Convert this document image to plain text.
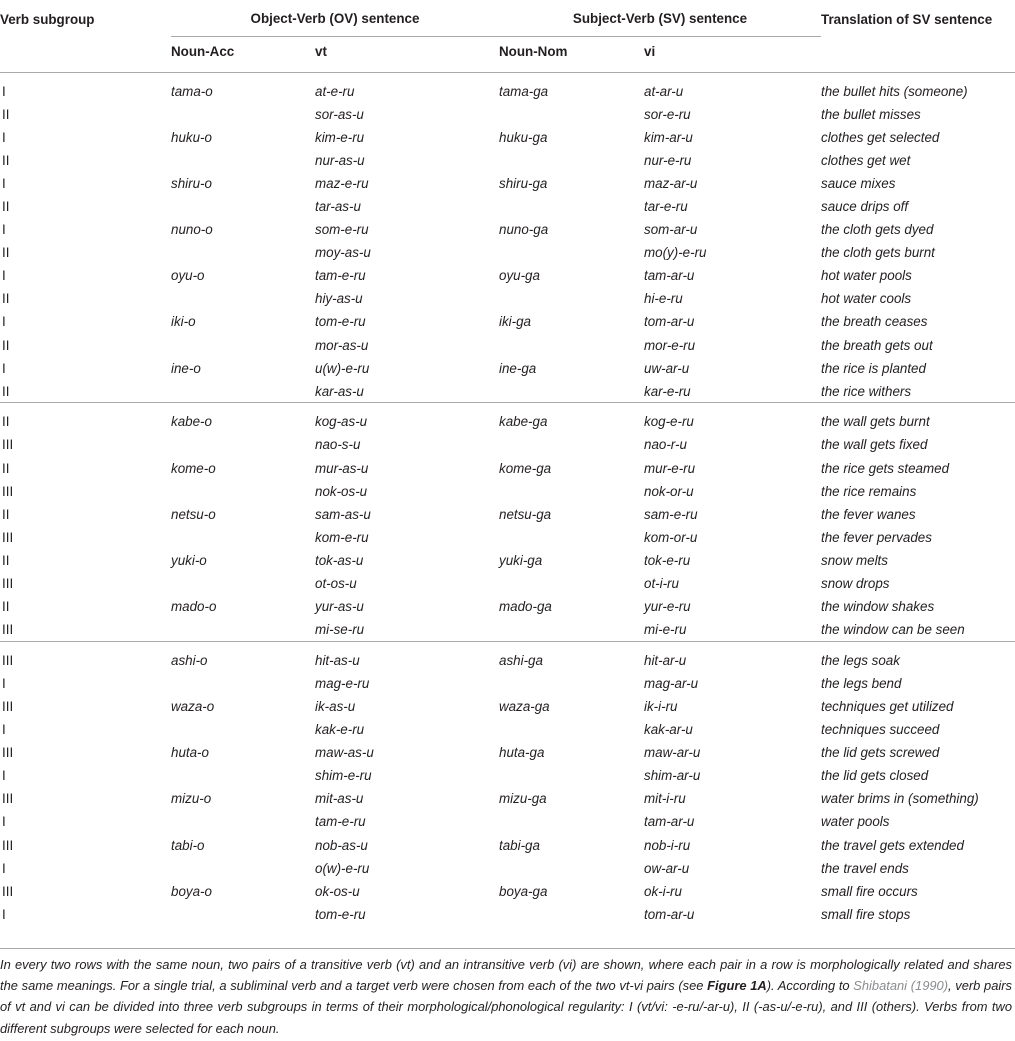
Verb subgroup	Object-Verb (OV) sentence		Subject-Verb (SV) sentence		Translation of SV sentence
	Noun-Acc	vt	Noun-Nom	vi	

I	tama-o	at-e-ru	tama-ga	at-ar-u	the bullet hits (someone)
II		sor-as-u		sor-e-ru	the bullet misses
I	huku-o	kim-e-ru	huku-ga	kim-ar-u	clothes get selected
II		nur-as-u		nur-e-ru	clothes get wet
I	shiru-o	maz-e-ru	shiru-ga	maz-ar-u	sauce mixes
II		tar-as-u		tar-e-ru	sauce drips off
I	nuno-o	som-e-ru	nuno-ga	som-ar-u	the cloth gets dyed
II		moy-as-u		mo(y)-e-ru	the cloth gets burnt
I	oyu-o	tam-e-ru	oyu-ga	tam-ar-u	hot water pools
II		hiy-as-u		hi-e-ru	hot water cools
I	iki-o	tom-e-ru	iki-ga	tom-ar-u	the breath ceases
II		mor-as-u		mor-e-ru	the breath gets out
I	ine-o	u(w)-e-ru	ine-ga	uw-ar-u	the rice is planted
II		kar-as-u		kar-e-ru	the rice withers

II	kabe-o	kog-as-u	kabe-ga	kog-e-ru	the wall gets burnt
III		nao-s-u		nao-r-u	the wall gets fixed
II	kome-o	mur-as-u	kome-ga	mur-e-ru	the rice gets steamed
III		nok-os-u		nok-or-u	the rice remains
II	netsu-o	sam-as-u	netsu-ga	sam-e-ru	the fever wanes
III		kom-e-ru		kom-or-u	the fever pervades
II	yuki-o	tok-as-u	yuki-ga	tok-e-ru	snow melts
III		ot-os-u		ot-i-ru	snow drops
II	mado-o	yur-as-u	mado-ga	yur-e-ru	the window shakes
III		mi-se-ru		mi-e-ru	the window can be seen

III	ashi-o	hit-as-u	ashi-ga	hit-ar-u	the legs soak
I		mag-e-ru		mag-ar-u	the legs bend
III	waza-o	ik-as-u	waza-ga	ik-i-ru	techniques get utilized
I		kak-e-ru		kak-ar-u	techniques succeed
III	huta-o	maw-as-u	huta-ga	maw-ar-u	the lid gets screwed
I		shim-e-ru		shim-ar-u	the lid gets closed
III	mizu-o	mit-as-u	mizu-ga	mit-i-ru	water brims in (something)
I		tam-e-ru		tam-ar-u	water pools
III	tabi-o	nob-as-u	tabi-ga	nob-i-ru	the travel gets extended
I		o(w)-e-ru		ow-ar-u	the travel ends
III	boya-o	ok-os-u	boya-ga	ok-i-ru	small fire occurs
I		tom-e-ru		tom-ar-u	small fire stops
In every two rows with the same noun, two pairs of a transitive verb (vt) and an intransitive verb (vi) are shown, where each pair in a row is morphologically related and shares the same meanings. For a single trial, a subliminal verb and a target verb were chosen from each of the two vt-vi pairs (see Figure 1A). According to Shibatani (1990), verb pairs of vt and vi can be divided into three verb subgroups in terms of their morphological/phonological regularity: I (vt/vi: -e-ru/-ar-u), II (-as-u/-e-ru), and III (others). Verbs from two different subgroups were selected for each noun.
